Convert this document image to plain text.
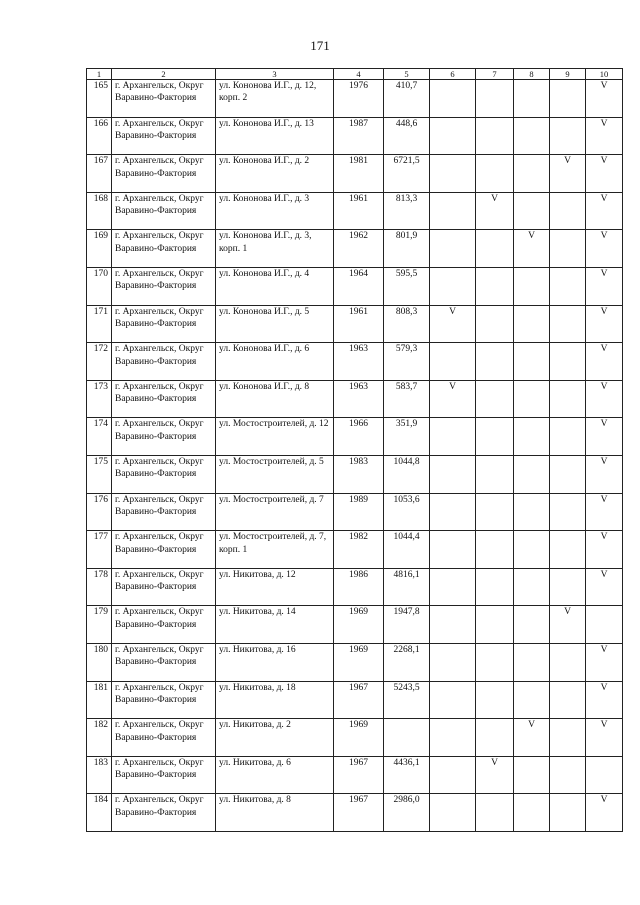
171
1	2	3	4	5	6	7	8	9	10
165	г. Архангельск, Округ Варавино-Фактория	ул. Кононова И.Г., д. 12, корп. 2	1976	410,7					V
166	г. Архангельск, Округ Варавино-Фактория	ул. Кононова И.Г., д. 13	1987	448,6					V
167	г. Архангельск, Округ Варавино-Фактория	ул. Кононова И.Г., д. 2	1981	6721,5				V	V
168	г. Архангельск, Округ Варавино-Фактория	ул. Кононова И.Г., д. 3	1961	813,3		V			V
169	г. Архангельск, Округ Варавино-Фактория	ул. Кононова И.Г., д. 3, корп. 1	1962	801,9			V		V
170	г. Архангельск, Округ Варавино-Фактория	ул. Кононова И.Г., д. 4	1964	595,5					V
171	г. Архангельск, Округ Варавино-Фактория	ул. Кононова И.Г., д. 5	1961	808,3	V				V
172	г. Архангельск, Округ Варавино-Фактория	ул. Кононова И.Г., д. 6	1963	579,3					V
173	г. Архангельск, Округ Варавино-Фактория	ул. Кононова И.Г., д. 8	1963	583,7	V				V
174	г. Архангельск, Округ Варавино-Фактория	ул. Мостостроителей, д. 12	1966	351,9					V
175	г. Архангельск, Округ Варавино-Фактория	ул. Мостостроителей, д. 5	1983	1044,8					V
176	г. Архангельск, Округ Варавино-Фактория	ул. Мостостроителей, д. 7	1989	1053,6					V
177	г. Архангельск, Округ Варавино-Фактория	ул. Мостостроителей, д. 7, корп. 1	1982	1044,4					V
178	г. Архангельск, Округ Варавино-Фактория	ул. Никитова, д. 12	1986	4816,1					V
179	г. Архангельск, Округ Варавино-Фактория	ул. Никитова, д. 14	1969	1947,8				V	
180	г. Архангельск, Округ Варавино-Фактория	ул. Никитова, д. 16	1969	2268,1					V
181	г. Архангельск, Округ Варавино-Фактория	ул. Никитова, д. 18	1967	5243,5					V
182	г. Архангельск, Округ Варавино-Фактория	ул. Никитова, д. 2	1969				V		V
183	г. Архангельск, Округ Варавино-Фактория	ул. Никитова, д. 6	1967	4436,1		V			
184	г. Архангельск, Округ Варавино-Фактория	ул. Никитова, д. 8	1967	2986,0					V
